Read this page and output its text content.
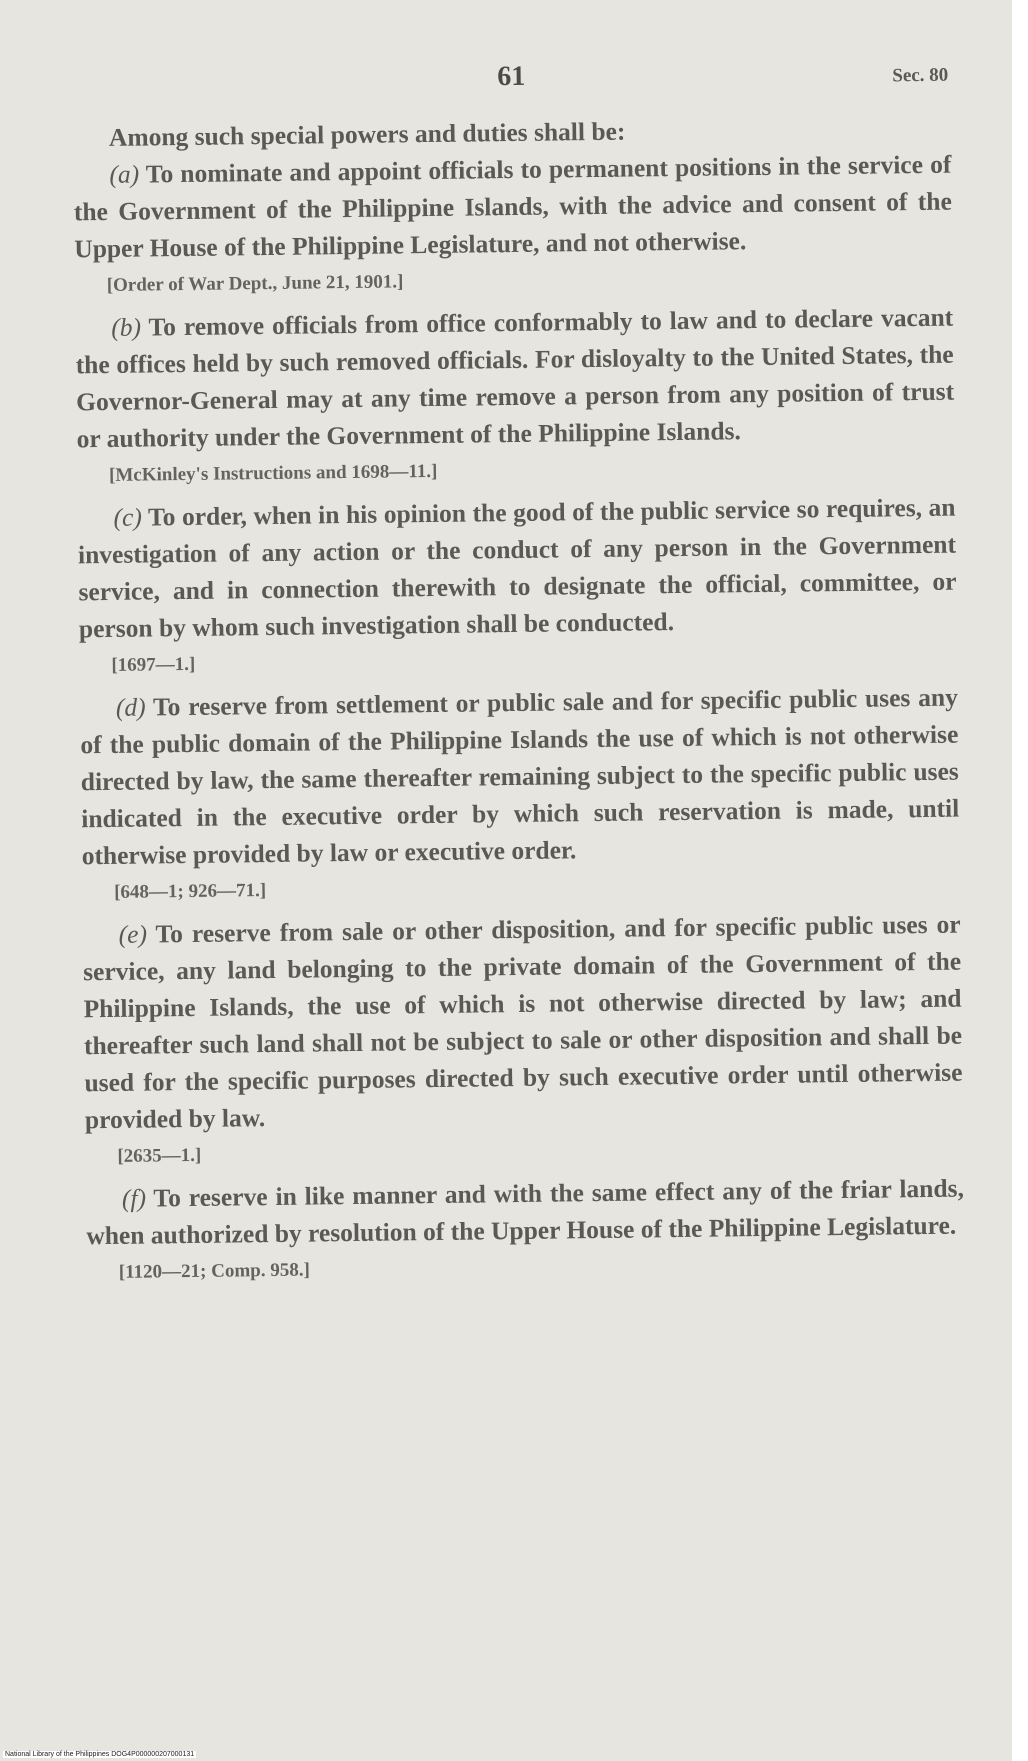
61	Sec. 80

Among such special powers and duties shall be:

(a) To nominate and appoint officials to permanent positions in the service of the Government of the Philippine Islands, with the advice and consent of the Upper House of the Philippine Legislature, and not otherwise.

[Order of War Dept., June 21, 1901.]

(b) To remove officials from office conformably to law and to declare vacant the offices held by such removed officials. For disloyalty to the United States, the Governor-General may at any time remove a person from any position of trust or authority under the Government of the Philippine Islands.

[McKinley's Instructions and 1698—11.]

(c) To order, when in his opinion the good of the public service so requires, an investigation of any action or the conduct of any person in the Government service, and in connection therewith to designate the official, committee, or person by whom such investigation shall be conducted.

[1697—1.]

(d) To reserve from settlement or public sale and for specific public uses any of the public domain of the Philippine Islands the use of which is not otherwise directed by law, the same thereafter remaining subject to the specific public uses indicated in the executive order by which such reservation is made, until otherwise provided by law or executive order.

[648—1; 926—71.]

(e) To reserve from sale or other disposition, and for specific public uses or service, any land belonging to the private domain of the Government of the Philippine Islands, the use of which is not otherwise directed by law; and thereafter such land shall not be subject to sale or other disposition and shall be used for the specific purposes directed by such executive order until otherwise provided by law.

[2635—1.]

(f) To reserve in like manner and with the same effect any of the friar lands, when authorized by resolution of the Upper House of the Philippine Legislature.

[1120—21; Comp. 958.]
National Library of the Philippines DOG4P000000207000131
